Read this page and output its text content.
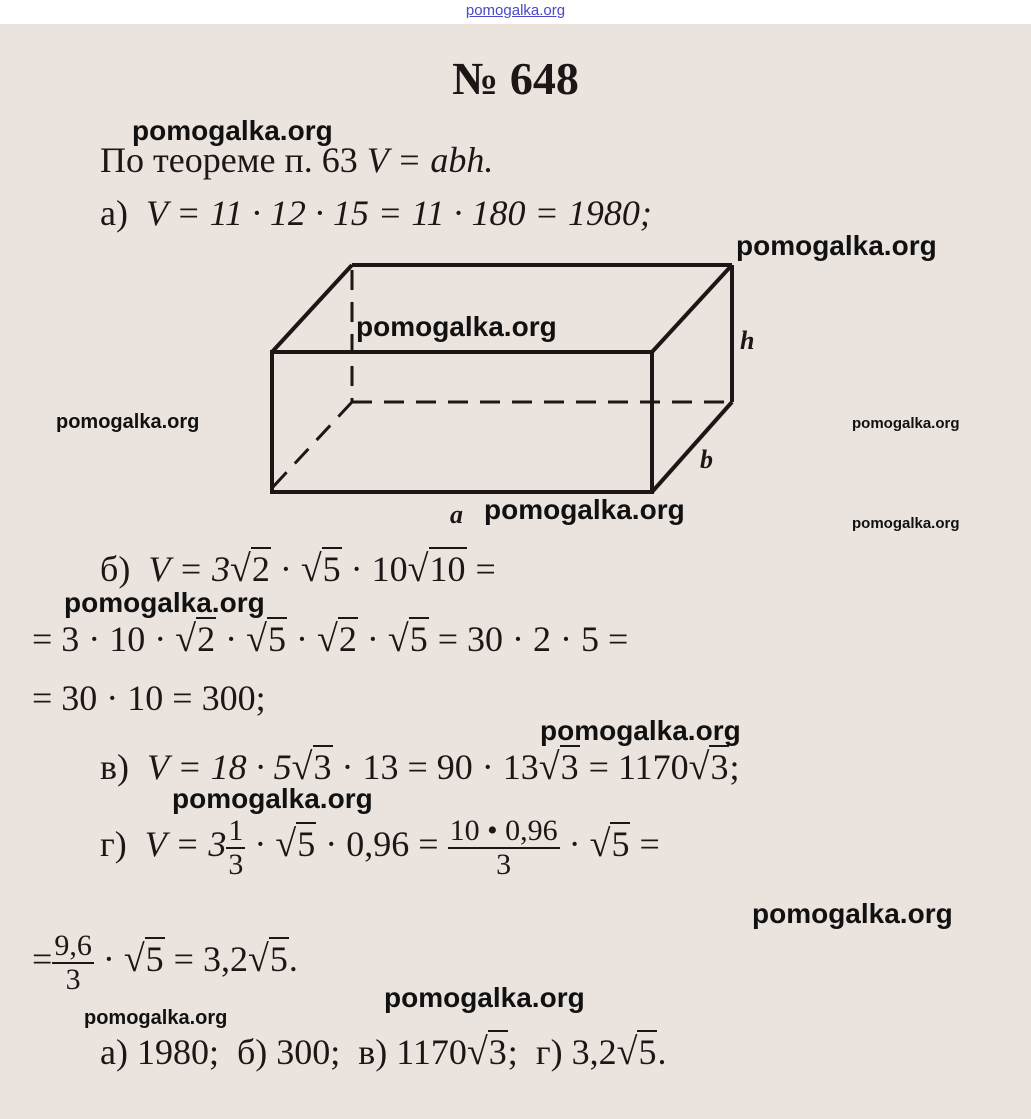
pomogalka.org
№ 648
По теореме п. 63 V = abh.
а) V = 11 · 12 · 15 = 11 · 180 = 1980;
a
b
h
б) V = 3√2 · √5 · 10√10 =
= 3 · 10 · √2 · √5 · √2 · √5 = 30 · 2 · 5 =
= 30 · 10 = 300;
в) V = 18 · 5√3 · 13 = 90 · 13√3 = 1170√3;
г) $V = 3 \frac{1}{3} \cdot √5 \cdot 0,96 = \frac{10 • 0,96}{3} \cdot √5$ =
= $\frac{9,6}{3} \cdot √5 = 3,2√5$.
а) 1980; б) 300; в) 1170√3; г) 3,2√5.
pomogalka.org
pomogalka.org
pomogalka.org
pomogalka.org	pomogalka.org
pomogalka.org	pomogalka.org
pomogalka.org
pomogalka.org
pomogalka.org
pomogalka.org
pomogalka.org
pomogalka.org
